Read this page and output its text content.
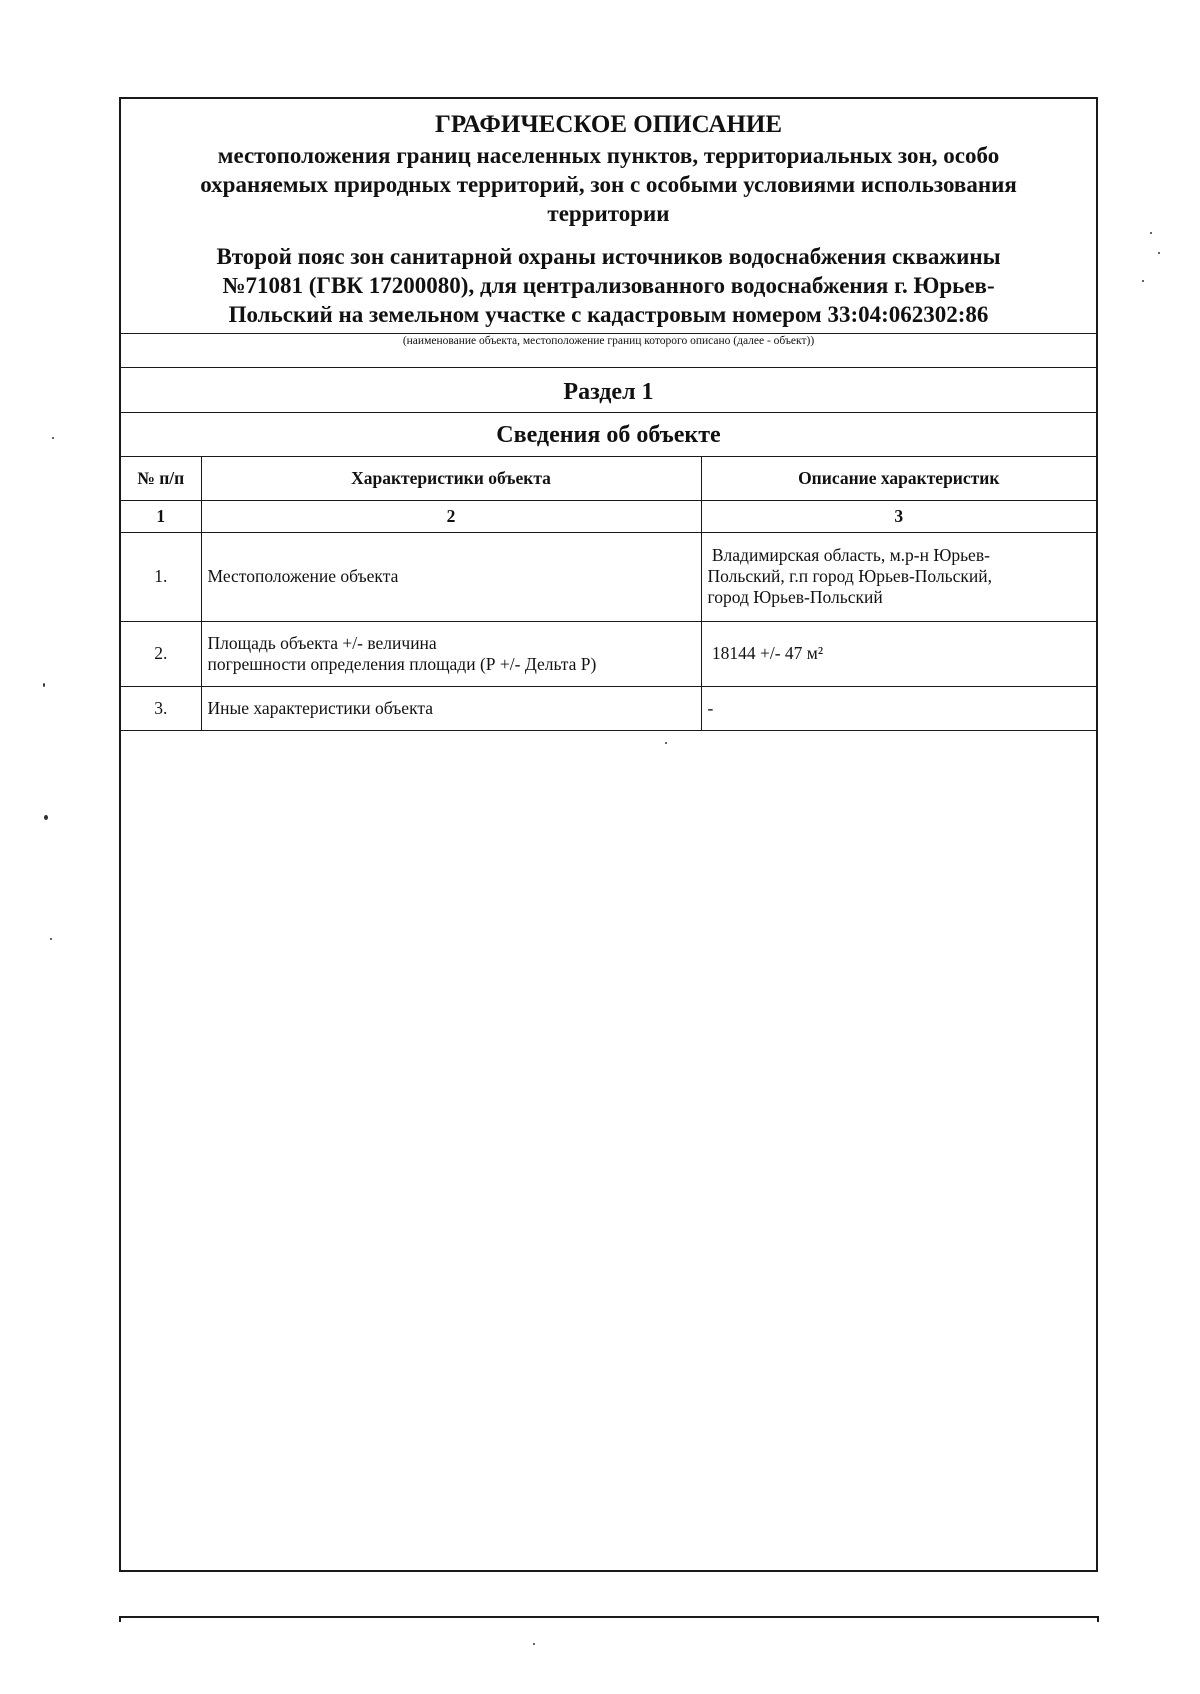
ГРАФИЧЕСКОЕ ОПИСАНИЕ
местоположения границ населенных пунктов, территориальных зон, особо
охраняемых природных территорий, зон с особыми условиями использования
территории
Второй пояс зон санитарной охраны источников водоснабжения скважины
№71081 (ГВК 17200080), для централизованного водоснабжения г. Юрьев-
Польский на земельном участке с кадастровым номером 33:04:062302:86
(наименование объекта, местоположение границ которого описано (далее - объект))
Раздел 1
Сведения об объекте
№ п/п	Характеристики объекта	Описание характеристик
1	2	3
1.	Местоположение объекта	Владимирская область, м.р-н Юрьев-
Польский, г.п город Юрьев-Польский,
город Юрьев-Польский

2.	Площадь объекта +/- величина
погрешности определения площади (Р +/- Дельта Р)	18144 +/- 47 м²

3.	Иные характеристики объекта	-
